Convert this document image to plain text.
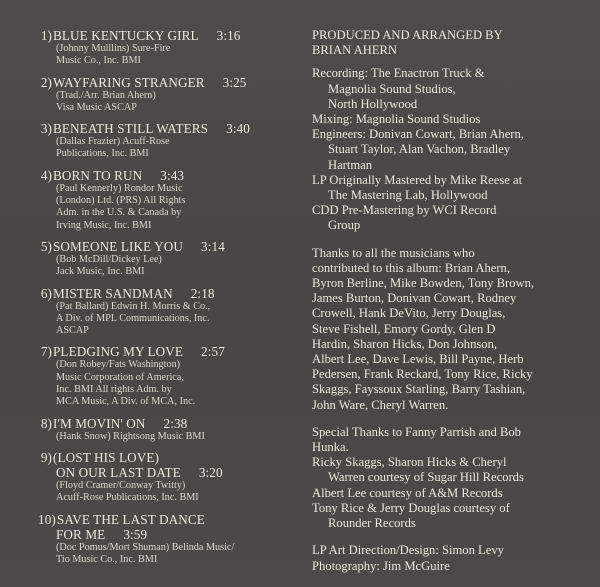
1) BLUE KENTUCKY GIRL 3:16
(Johnny Mulllins) Sure-Fire
Music Co., Inc. BMI
2) WAYFARING STRANGER 3:25
(Trad./Arr. Brian Ahern)
Visa Music ASCAP
3) BENEATH STILL WATERS 3:40
(Dallas Frazier) Acuff-Rose
Publications, Inc. BMI
4) BORN TO RUN 3:43
(Paul Kennerly) Rondor Music
(London) Ltd. (PRS) All Rights
Adm. in the U.S. & Canada by
Irving Music, Inc. BMI
5) SOMEONE LIKE YOU 3:14
(Bob McDill/Dickey Lee)
Jack Music, Inc. BMI
6) MISTER SANDMAN 2:18
(Pat Ballard) Edwin H. Morris & Co.,
A Div. of MPL Communications, Inc.
ASCAP
7) PLEDGING MY LOVE 2:57
(Don Robey/Fats Washington)
Music Corporation of America,
Inc. BMI All rights Adm. by
MCA Music, A Div. of MCA, Inc.
8) I'M MOVIN' ON 2:38
(Hank Snow) Rightsong Music BMI
9) (LOST HIS LOVE)
ON OUR LAST DATE 3:20
(Floyd Cramer/Conway Twitty)
Acuff-Rose Publications, Inc. BMI
10) SAVE THE LAST DANCE
FOR ME 3:59
(Doc Pomus/Mort Shuman) Belinda Music/
Tio Music Co., Inc. BMI
PRODUCED AND ARRANGED BY
BRIAN AHERN
Recording: The Enactron Truck &
Magnolia Sound Studios,
North Hollywood
Mixing: Magnolia Sound Studios
Engineers: Donivan Cowart, Brian Ahern,
Stuart Taylor, Alan Vachon, Bradley
Hartman
LP Originally Mastered by Mike Reese at
The Mastering Lab, Hollywood
CDD Pre-Mastering by WCI Record
Group
Thanks to all the musicians who
contributed to this album: Brian Ahern,
Byron Berline, Mike Bowden, Tony Brown,
James Burton, Donivan Cowart, Rodney
Crowell, Hank DeVito, Jerry Douglas,
Steve Fishell, Emory Gordy, Glen D
Hardin, Sharon Hicks, Don Johnson,
Albert Lee, Dave Lewis, Bill Payne, Herb
Pedersen, Frank Reckard, Tony Rice, Ricky
Skaggs, Fayssoux Starling, Barry Tashian,
John Ware, Cheryl Warren.
Special Thanks to Fanny Parrish and Bob
Hunka.
Ricky Skaggs, Sharon Hicks & Cheryl
Warren courtesy of Sugar Hill Records
Albert Lee courtesy of A&M Records
Tony Rice & Jerry Douglas courtesy of
Rounder Records
LP Art Direction/Design: Simon Levy
Photography: Jim McGuire
